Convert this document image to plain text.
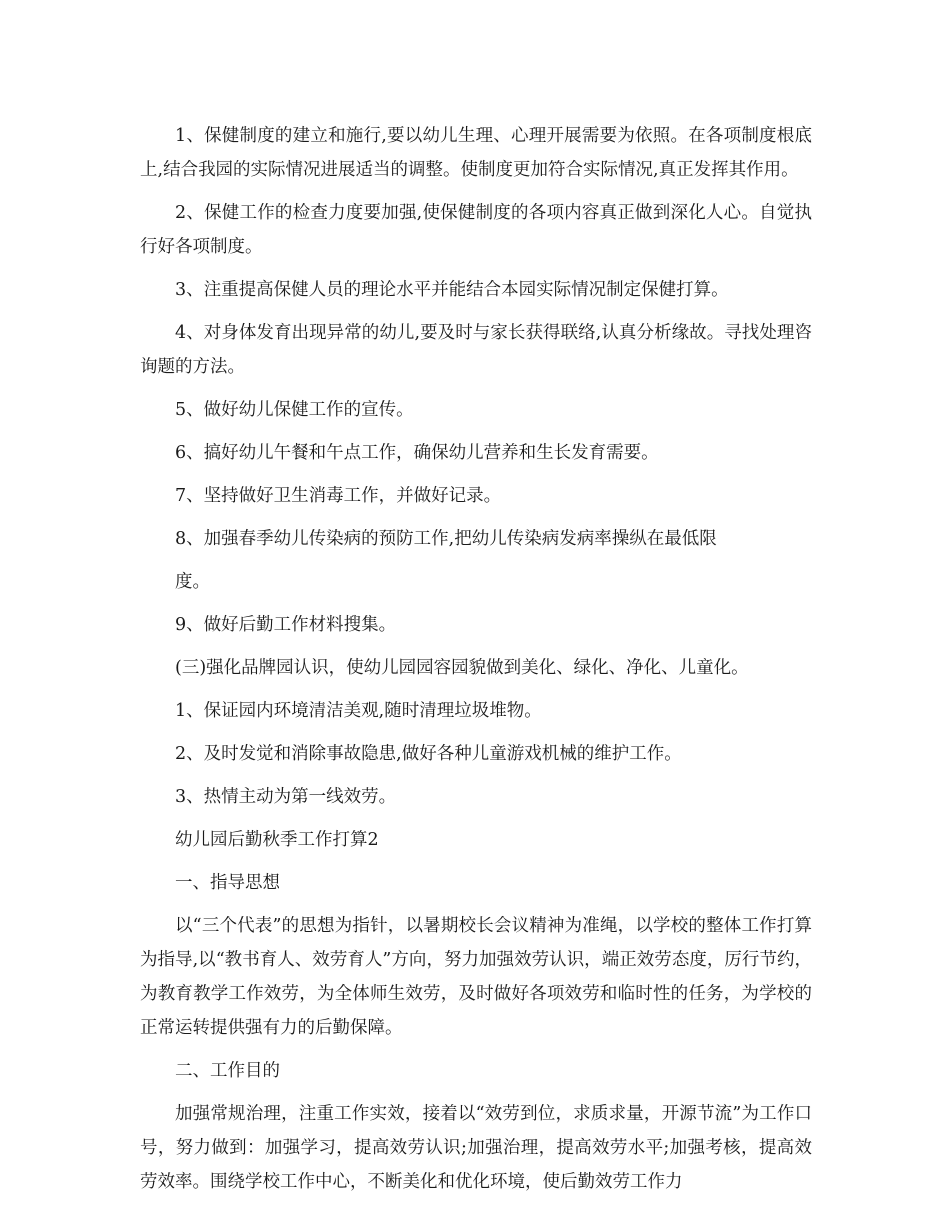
1、保健制度的建立和施行,要以幼儿生理、心理开展需要为依照。在各项制度根底上,结合我园的实际情况进展适当的调整。使制度更加符合实际情况,真正发挥其作用。

2、保健工作的检查力度要加强,使保健制度的各项内容真正做到深化人心。自觉执行好各项制度。

3、注重提高保健人员的理论水平并能结合本园实际情况制定保健打算。

4、对身体发育出现异常的幼儿,要及时与家长获得联络,认真分析缘故。寻找处理咨询题的方法。

5、做好幼儿保健工作的宣传。

6、搞好幼儿午餐和午点工作，确保幼儿营养和生长发育需要。

7、坚持做好卫生消毒工作，并做好记录。

8、加强春季幼儿传染病的预防工作,把幼儿传染病发病率操纵在最低限

度。

9、做好后勤工作材料搜集。

(三)强化品牌园认识，使幼儿园园容园貌做到美化、绿化、净化、儿童化。

1、保证园内环境清洁美观,随时清理垃圾堆物。

2、及时发觉和消除事故隐患,做好各种儿童游戏机械的维护工作。

3、热情主动为第一线效劳。

幼儿园后勤秋季工作打算2

一、指导思想

以“三个代表”的思想为指针，以暑期校长会议精神为准绳，以学校的整体工作打算为指导,以“教书育人、效劳育人”方向，努力加强效劳认识，端正效劳态度，厉行节约，为教育教学工作效劳，为全体师生效劳，及时做好各项效劳和临时性的任务，为学校的正常运转提供强有力的后勤保障。

二、工作目的

加强常规治理，注重工作实效，接着以“效劳到位，求质求量，开源节流”为工作口号，努力做到：加强学习，提高效劳认识;加强治理，提高效劳水平;加强考核，提高效劳效率。围绕学校工作中心，不断美化和优化环境，使后勤效劳工作力
